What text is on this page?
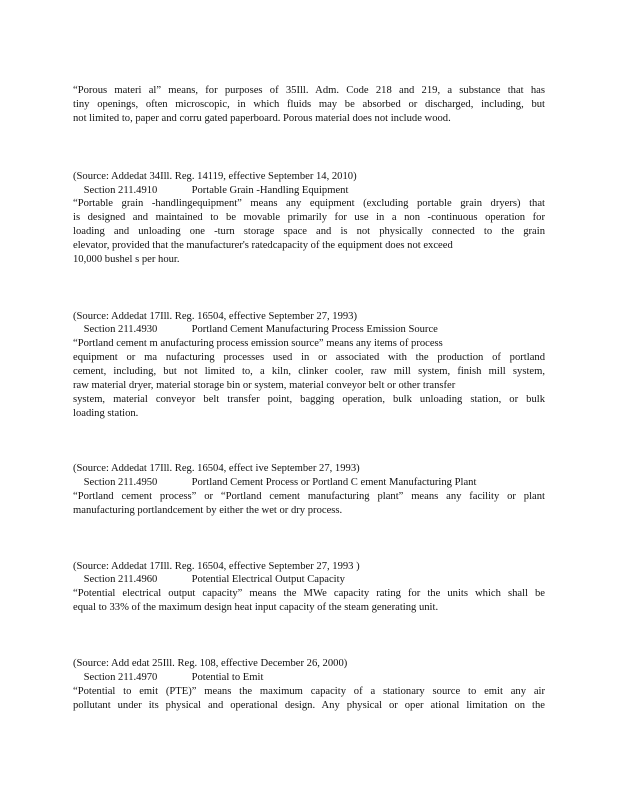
“Porous materi al” means, for purposes of 35Ill. Adm. Code 218 and 219, a substance that has
tiny openings, often microscopic, in which fluids may be absorbed or discharged, including, but
not limited to, paper and corru gated paperboard. Porous material does not include wood.

(Source: Addedat 34Ill. Reg. 14119, effective September 14, 2010)

Section 211.4910	Portable Grain -Handling Equipment

“Portable grain -handlingequipment” means any equipment (excluding portable grain dryers) that
is designed and maintained to be movable primarily for use in a non -continuous operation for
loading and unloading one -turn storage space and is not physically connected to the grain
elevator, provided that the manufacturer's ratedcapacity of the equipment does not exceed
10,000 bushel s per hour.

(Source: Addedat 17Ill. Reg. 16504, effective September 27, 1993)

Section 211.4930	Portland Cement Manufacturing Process Emission Source

“Portland cement m anufacturing process emission source” means any items of process
equipment or ma nufacturing processes used in or associated with the production of portland
cement, including, but not limited to, a kiln, clinker cooler, raw mill system, finish mill system,
raw material dryer, material storage bin or system, material conveyor belt or other transfer
system, material conveyor belt transfer point, bagging operation, bulk unloading station, or bulk
loading station.

(Source: Addedat 17Ill. Reg. 16504, effect ive September 27, 1993)

Section 211.4950	Portland Cement Process or Portland C ement Manufacturing Plant

“Portland cement process” or “Portland cement manufacturing plant” means any facility or plant
manufacturing portlandcement by either the wet or dry process.

(Source: Addedat 17Ill. Reg. 16504, effective September 27, 1993 )

Section 211.4960	Potential Electrical Output Capacity

“Potential electrical output capacity” means the MWe capacity rating for the units which shall be
equal to 33% of the maximum design heat input capacity of the steam generating unit.

(Source: Add edat 25Ill. Reg. 108, effective December 26, 2000)

Section 211.4970	Potential to Emit

“Potential to emit (PTE)” means the maximum capacity of a stationary source to emit any air
pollutant under its physical and operational design. Any physical or oper ational limitation on the
